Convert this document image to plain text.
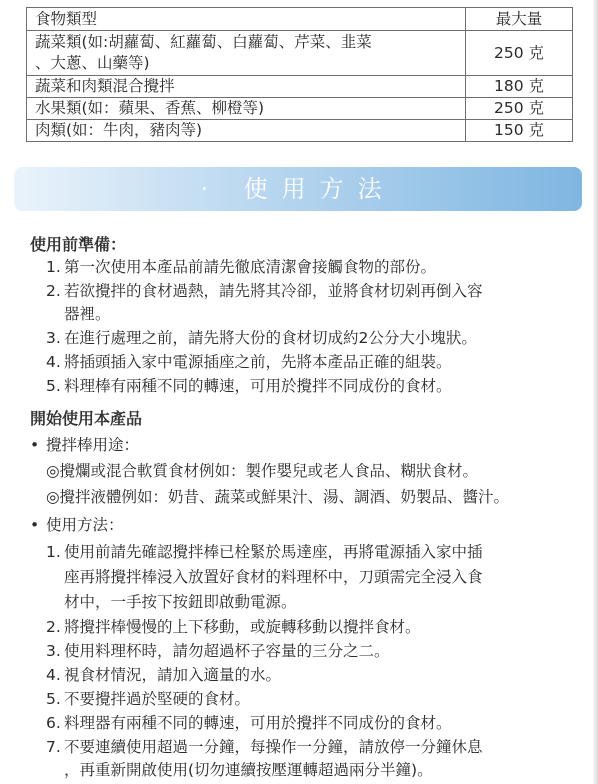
食物類型	最大量

蔬菜類(如:胡蘿蔔、紅蘿蔔、白蘿蔔、芹菜、韭菜
、大蔥、山藥等)	250 克
蔬菜和肉類混合攪拌	180 克
水果類(如：蘋果、香蕉、柳橙等)	250 克
肉類(如：牛肉，豬肉等)	150 克
· 使用方法
使用前準備：
1. 第一次使用本產品前請先徹底清潔會接觸食物的部份。
2. 若欲攪拌的食材過熱，請先將其冷卻，並將食材切剁再倒入容
器裡。
3. 在進行處理之前，請先將大份的食材切成約2公分大小塊狀。
4. 將插頭插入家中電源插座之前，先將本產品正確的組裝。
5. 料理棒有兩種不同的轉速，可用於攪拌不同成份的食材。
開始使用本產品
• 攪拌棒用途：
◎攪爛或混合軟質食材例如：製作嬰兒或老人食品、糊狀食材。
◎攪拌液體例如：奶昔、蔬菜或鮮果汁、湯、調酒、奶製品、醬汁。
• 使用方法：
1. 使用前請先確認攪拌棒已栓緊於馬達座，再將電源插入家中插
座再將攪拌棒浸入放置好食材的料理杯中，刀頭需完全浸入食
材中，一手按下按鈕即啟動電源。
2. 將攪拌棒慢慢的上下移動，或旋轉移動以攪拌食材。
3. 使用料理杯時，請勿超過杯子容量的三分之二。
4. 視食材情況，請加入適量的水。
5. 不要攪拌過於堅硬的食材。
6. 料理器有兩種不同的轉速，可用於攪拌不同成份的食材。
7. 不要連續使用超過一分鐘，每操作一分鐘，請放停一分鐘休息
，再重新開啟使用(切勿連續按壓運轉超過兩分半鐘)。
